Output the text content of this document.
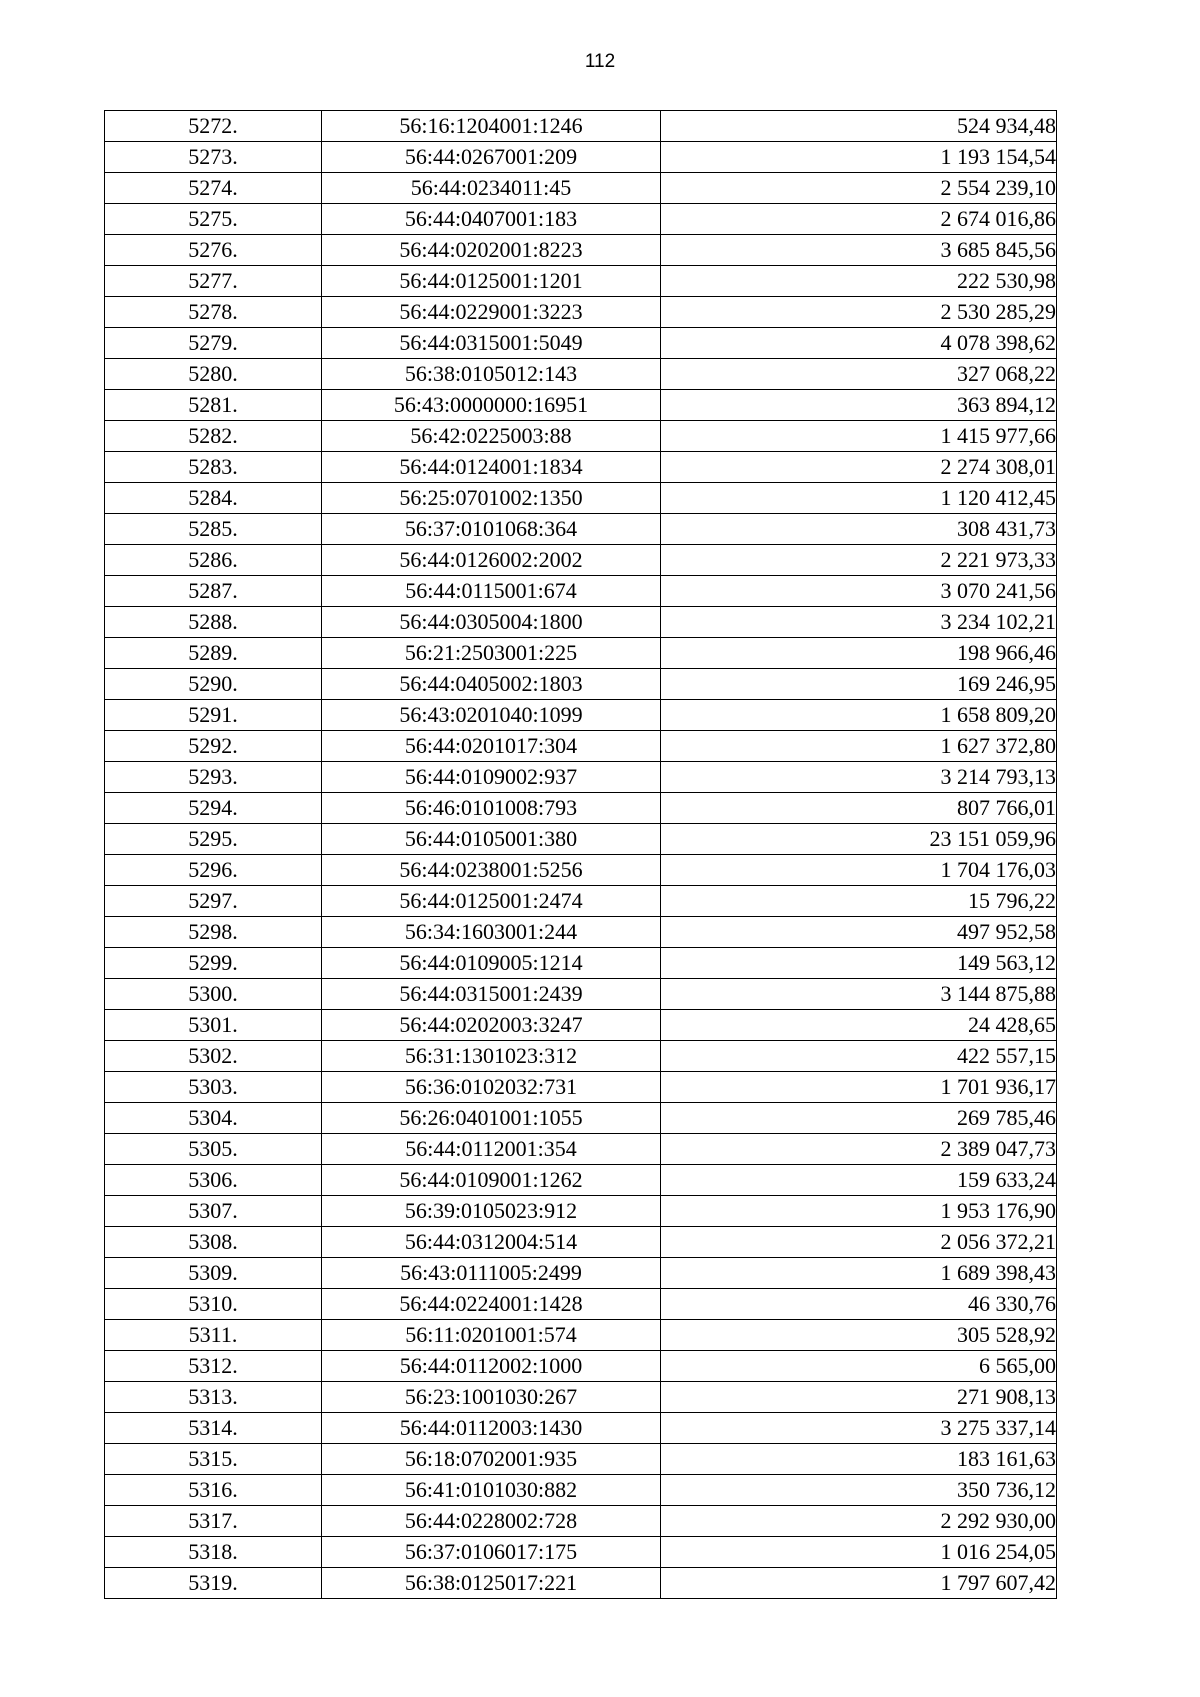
112
5272.	56:16:1204001:1246	524 934,48
5273.	56:44:0267001:209	1 193 154,54
5274.	56:44:0234011:45	2 554 239,10
5275.	56:44:0407001:183	2 674 016,86
5276.	56:44:0202001:8223	3 685 845,56
5277.	56:44:0125001:1201	222 530,98
5278.	56:44:0229001:3223	2 530 285,29
5279.	56:44:0315001:5049	4 078 398,62
5280.	56:38:0105012:143	327 068,22
5281.	56:43:0000000:16951	363 894,12
5282.	56:42:0225003:88	1 415 977,66
5283.	56:44:0124001:1834	2 274 308,01
5284.	56:25:0701002:1350	1 120 412,45
5285.	56:37:0101068:364	308 431,73
5286.	56:44:0126002:2002	2 221 973,33
5287.	56:44:0115001:674	3 070 241,56
5288.	56:44:0305004:1800	3 234 102,21
5289.	56:21:2503001:225	198 966,46
5290.	56:44:0405002:1803	169 246,95
5291.	56:43:0201040:1099	1 658 809,20
5292.	56:44:0201017:304	1 627 372,80
5293.	56:44:0109002:937	3 214 793,13
5294.	56:46:0101008:793	807 766,01
5295.	56:44:0105001:380	23 151 059,96
5296.	56:44:0238001:5256	1 704 176,03
5297.	56:44:0125001:2474	15 796,22
5298.	56:34:1603001:244	497 952,58
5299.	56:44:0109005:1214	149 563,12
5300.	56:44:0315001:2439	3 144 875,88
5301.	56:44:0202003:3247	24 428,65
5302.	56:31:1301023:312	422 557,15
5303.	56:36:0102032:731	1 701 936,17
5304.	56:26:0401001:1055	269 785,46
5305.	56:44:0112001:354	2 389 047,73
5306.	56:44:0109001:1262	159 633,24
5307.	56:39:0105023:912	1 953 176,90
5308.	56:44:0312004:514	2 056 372,21
5309.	56:43:0111005:2499	1 689 398,43
5310.	56:44:0224001:1428	46 330,76
5311.	56:11:0201001:574	305 528,92
5312.	56:44:0112002:1000	6 565,00
5313.	56:23:1001030:267	271 908,13
5314.	56:44:0112003:1430	3 275 337,14
5315.	56:18:0702001:935	183 161,63
5316.	56:41:0101030:882	350 736,12
5317.	56:44:0228002:728	2 292 930,00
5318.	56:37:0106017:175	1 016 254,05
5319.	56:38:0125017:221	1 797 607,42
